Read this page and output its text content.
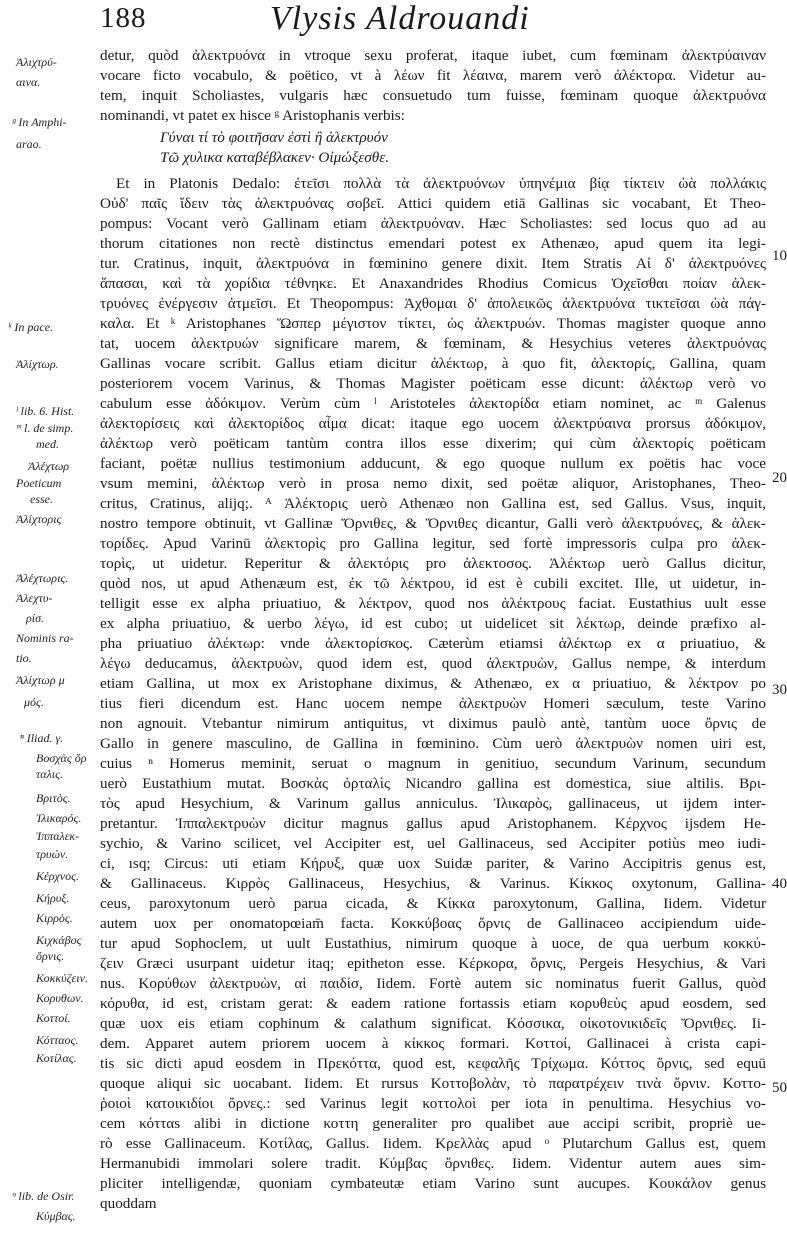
188	Vlysis Aldrouandi
Ἀλιχτρύ-
αινα.
ᵍ In Amphi-
arao.
ᵏ In pace.
Ἀλίχτωρ.
ˡ lib. 6. Hist.
ᵐ l. de simp.
med.
Ἀλέχτωρ
Poeticum
esse.
Ἀλίχτορις
Ἀλέχτωρις.
Ἀλεχτυ-
ρίσ.
Nominis ra-
tio.
Ἀλίχτωρ μ
μός.
ⁿ Iliad. γ.
Βοσχὰς ὄρ
ταλις.
Βριτὸς.
Ἰλικαρός.
Ἱππαλεκ-
τρυών.
Κέρχνος.
Κήρυξ.
Κιρρὸς.
Κιχκάβος
ὄρνις.
Κοκκύζειν.
Κορυθων.
Κοττοί.
Κότταος.
Κοτίλας.
ᵒ lib. de Osir.
Κύμβας.
detur, quòd ἀλεκτρυόνα in vtroque sexu proferat, itaque iubet, cum fœminam ἀλεκτρύαιναν
vocare ficto vocabulo, & poëtico, vt à λέων fit λέαινα, marem verò ἀλέκτορα. Videtur au-
tem, inquit Scholiastes, vulgaris hæc consuetudo tum fuisse, fœminam quoque ἀλεκτρυόνα
nominandi, vt patet ex hisce ᵍ Aristophanis verbis:
Γύναι τί τὸ φοιτῆσαν ἐστὶ ἢ ἀλεκτρυόν
Τῶ χυλικα καταβέβλακεν· Οἰμώξεσθε.
Et in Platonis Dedalo: ἐτεῖσι πολλὰ τὰ ἀλεκτρυόνων ὑπηνέμια βίᾳ τίκτειν ὠὰ πολλάκις
Οὐδ' παῖς ἴδειν τὰς ἀλεκτρυόνας σοβεῖ. Attici quidem etiā Gallinas sic vocabant, Et Theo-
pompus: Vocant verò Gallinam etiam ἀλεκτρυόναν. Hæc Scholiastes: sed locus quo ad au
thorum citationes non rectè distinctus emendari potest ex Athenæo, apud quem ita legi-
tur. Cratinus, inquit, ἀλεκτρυόνα in fœminino genere dixit. Item Stratis Αἰ δ' ἀλεκτρυόνες
ἅπασαι, καὶ τὰ χορίδια τέθνηκε. Et Anaxandrides Rhodius Comicus Ὀχεῖσθαι ποίαν ἀλεκ-
τρυόνες ἐνέργεσιν ἀτμεῖσι. Et Theopompus: Ἀχθομαι δ' ἀπολεικῶς ἀλεκτρυόνα τικτεῖσαι ὠὰ πάγ-
καλα. Et ᵏ Aristophanes Ὥσπερ μέγιστον τίκτει, ὡς ἀλεκτρυών. Thomas magister quoque anno
tat, uocem ἀλεκτρυών significare marem, & fœminam, & Hesychius veteres ἀλεκτρυόνας
Gallinas vocare scribit. Gallus etiam dicitur ἀλέκτωρ, à quo fit, ἀλεκτορίς, Gallina, quam
posteriorem vocem Varinus, & Thomas Magister poëticam esse dicunt: ἀλέκτωρ verò vo
cabulum esse ἀδόκιμον. Verùm cùm ˡ Aristoteles ἀλεκτορίδα etiam nominet, ac ᵐ Galenus
ἀλεκτορίσεις καὶ ἀλεκτορίδος αἷμα dicat: itaque ego uocem ἀλεκτρύαινα prorsus ἀδόκιμον,
ἀλέκτωρ verò poëticam tantùm contra illos esse dixerim; qui cùm ἀλεκτορίς poëticam
faciant, poëtæ nullius testimonium adducunt, & ego quoque nullum ex poëtis hac voce
vsum memini, ἀλέκτωρ verò in prosa nemo dixit, sed poëtæ aliquor, Aristophanes, Theo-
critus, Cratinus, alijq;. ᴬ Ἀλέκτορις uerò Athenæo non Gallina est, sed Gallus. Vsus, inquit,
nostro tempore obtinuit, vt Gallinæ Ὄρνιθες, & Ὄρνιθες dicantur, Galli verò ἀλεκτρυόνες, & ἀλεκ-
τορίδες. Apud Varinū ἀλεκτορὶς pro Gallina legitur, sed fortè impressoris culpa pro ἀλεκ-
τορὶς, ut uidetur. Reperitur & ἀλεκτόρις pro ἀλεκτοσος. Ἀλέκτωρ uerò Gallus dicitur,
quòd nos, ut apud Athenæum est, ἐκ τῶ λέκτρου, id est è cubili excitet. Ille, ut uidetur, in-
telligit esse ex alpha priuatiuo, & λέκτρον, quod nos ἀλέκτρους faciat. Eustathius uult esse
ex alpha priuatiuo, & uerbo λέγω, id est cubo; ut uidelicet sit λέκτωρ, deinde præfixo al-
pha priuatiuo ἀλέκτωρ: vnde ἀλεκτορίσκος. Cæterùm etiamsi ἀλέκτωρ ex α priuatiuo, &
λέγω deducamus, ἀλεκτρυὼν, quod idem est, quod ἀλεκτρυὼν, Gallus nempe, & interdum
etiam Gallina, ut mox ex Aristophane diximus, & Athenæo, ex α priuatiuo, & λέκτρον po
tius fieri dicendum est. Hanc uocem nempe ἀλεκτρυὼν Homeri sæculum, teste Varino
non agnouit. Vtebantur nimirum antiquitus, vt diximus paulò antè, tantùm uoce ὄρνις de
Gallo in genere masculino, de Gallina in fœminino. Cùm uerò ἀλεκτρυὼν nomen uiri est,
cuius ⁿ Homerus meminit, seruat o magnum in genitiuo, secundum Varinum, secundum
uerò Eustathium mutat. Βοσκὰς ὀρταλὶς Nicandro gallina est domestica, siue altilis. Βρι-
τὸς apud Hesychium, & Varinum gallus anniculus. Ἰλικαρὸς, gallinaceus, ut ijdem inter-
pretantur. Ἱππαλεκτρυὼν dicitur magnus gallus apud Aristophanem. Κέρχνος ijsdem He-
sychio, & Varino scilicet, vel Accipiter est, uel Gallinaceus, sed Accipiter potiùs meo iudi-
ci, ısq; Circus: uti etiam Κήρυξ, quæ uox Suidæ pariter, & Varino Accipitris genus est,
& Gallinaceus. Κιρρὸς Gallinaceus, Hesychius, & Varinus. Κίκκος oxytonum, Gallina-
ceus, paroxytonum uerò parua cicada, & Κίκκα paroxytonum, Gallina, Iidem. Videtur
autem uox per onomatopœiam̄ facta. Κοκκύβοας ὄρνις de Gallinaceo accipiendum uide-
tur apud Sophoclem, ut uult Eustathius, nimirum quoque à uoce, de qua uerbum κοκκύ-
ζειν Græci usurpant uidetur itaq; epitheton esse. Κέρκορα, ὄρνις, Pergeis Hesychius, & Vari
nus. Κορύθων ἀλεκτρυὼν, αἱ παιδίσ, Iidem. Fortè autem sic nominatus fuerit Gallus, quòd
κόρυθα, id est, cristam gerat: & eadem ratione fortassis etiam κορυθεὺς apud eosdem, sed
quæ uox eis etiam cophinum & calathum significat. Κόσσικα, οἰκοτονικιδεῖς Ὄρνιθες. Ii-
dem. Apparet autem priorem uocem à κίκκος formari. Κοττοί, Gallinacei à crista capi-
tis sic dicti apud eosdem in Πρεκόττα, quod est, κεφαλῆς Τρίχωμα. Κόττος ὄρνις, sed equū
quoque aliqui sic uocabant. Iidem. Et rursus Κοττοβολὰν, τὸ παρατρέχειν τινὰ ὄρνιν. Κοττο-
ῥοιοὶ κατοικιδίοι ὄρνες.: sed Varinus legit κοττολοὶ per iota in penultima. Hesychius vo-
cem κότταs alibi in dictione κοττη generaliter pro qualibet aue accipi scribit, propriè ue-
rò esse Gallinaceum. Κοτίλας, Gallus. Iidem. Κρελλὰς apud ᵒ Plutarchum Gallus est, quem
Hermanubidi immolari solere tradit. Κύμβας ὄρνιθες. Iidem. Videntur autem aues sim-
pliciter intelligendæ, quoniam cymbateutæ etiam Varino sunt aucupes. Κουκάλον genus
quoddam
10
20
30
40
50
